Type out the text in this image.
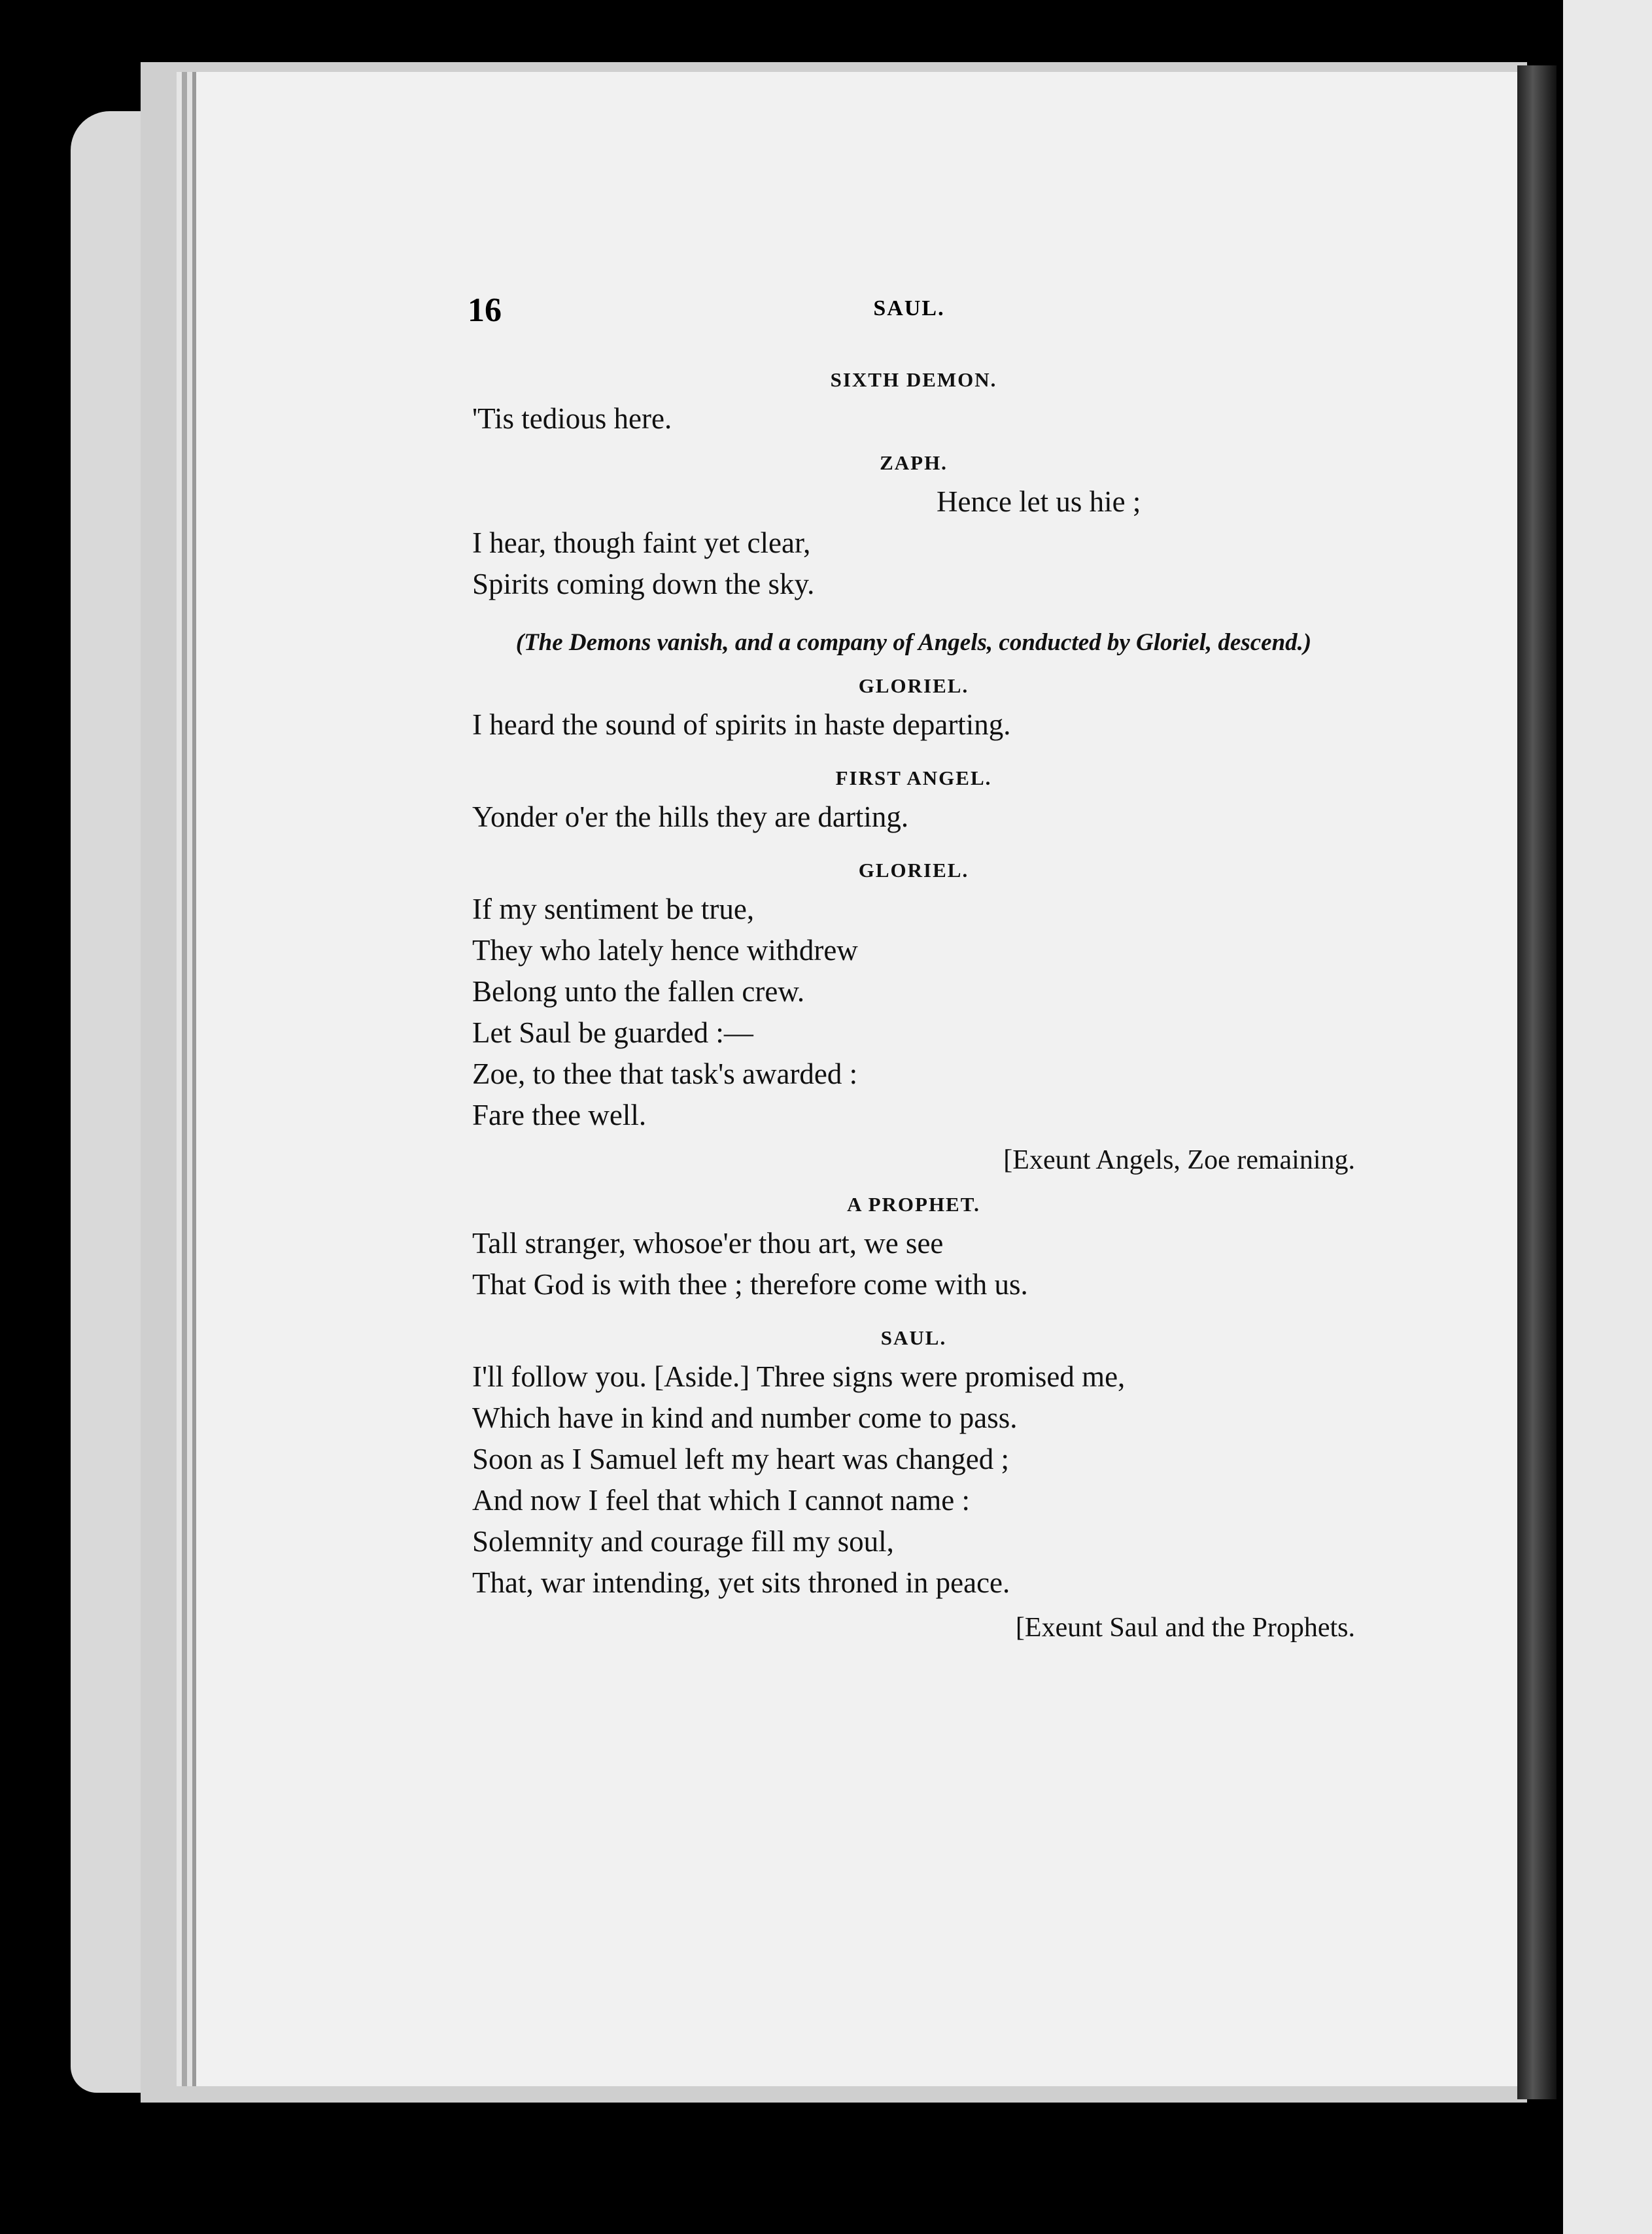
16	SAUL.
SIXTH DEMON.
'Tis tedious here.
ZAPH.
Hence let us hie ;
I hear, though faint yet clear,
Spirits coming down the sky.
(The Demons vanish, and a company of Angels, conducted by Gloriel, descend.)
GLORIEL.
I heard the sound of spirits in haste departing.
FIRST ANGEL.
Yonder o'er the hills they are darting.
GLORIEL.
If my sentiment be true,
They who lately hence withdrew
Belong unto the fallen crew.
Let Saul be guarded :—
Zoe, to thee that task's awarded :
Fare thee well.
[Exeunt Angels, Zoe remaining.
A PROPHET.
Tall stranger, whosoe'er thou art, we see
That God is with thee ; therefore come with us.
SAUL.
I'll follow you. [Aside.] Three signs were promised me,
Which have in kind and number come to pass.
Soon as I Samuel left my heart was changed ;
And now I feel that which I cannot name :
Solemnity and courage fill my soul,
That, war intending, yet sits throned in peace.
[Exeunt Saul and the Prophets.
